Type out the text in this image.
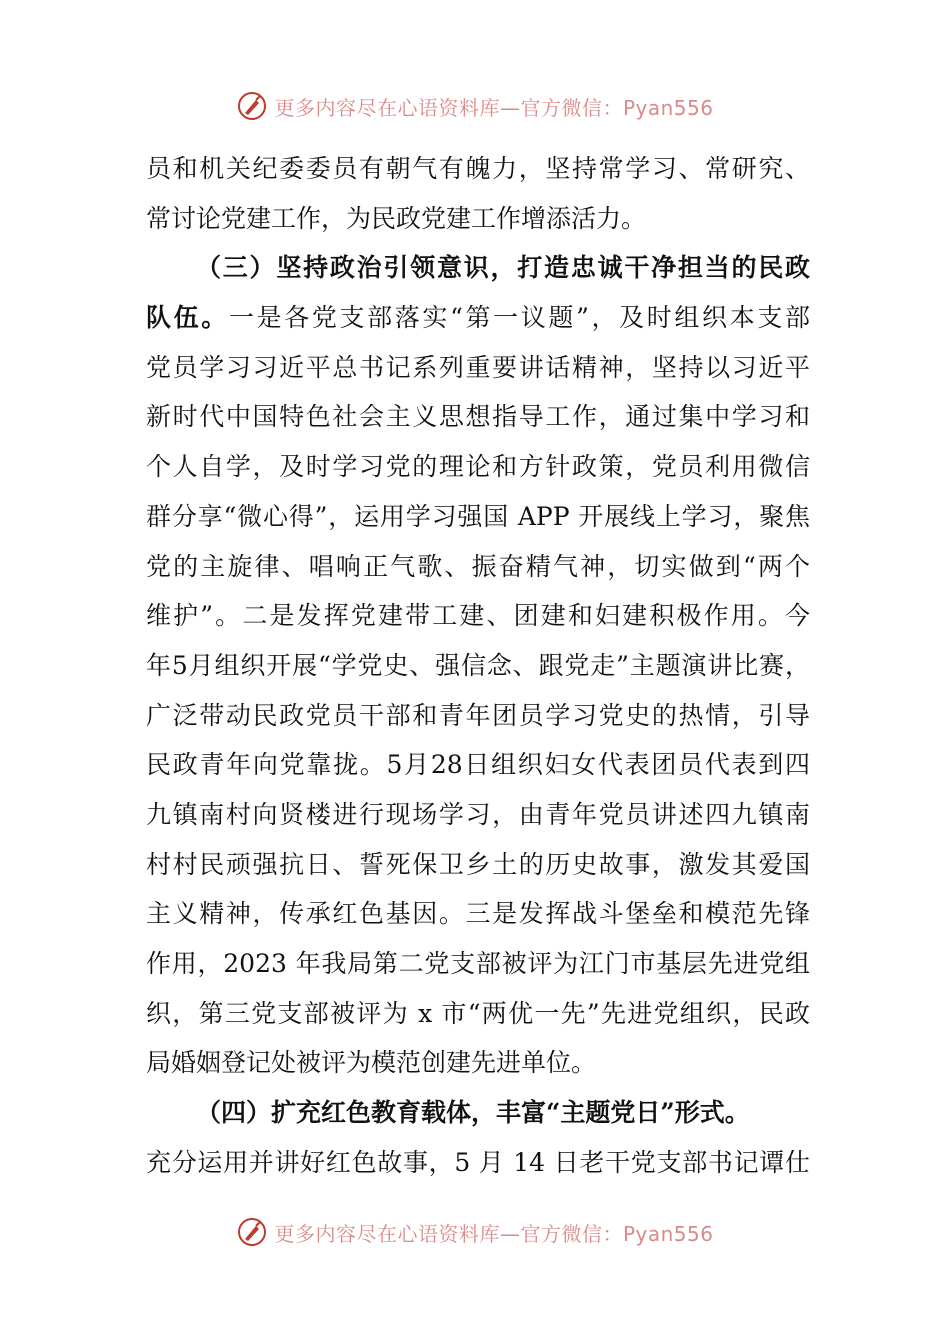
更多内容尽在心语资料库—官方微信：Pyan556
员和机关纪委委员有朝气有魄力，坚持常学习、常研究、
常讨论党建工作，为民政党建工作增添活力。
（三）坚持政治引领意识，打造忠诚干净担当的民政
队伍。一是各党支部落实“第一议题”，及时组织本支部
党员学习习近平总书记系列重要讲话精神，坚持以习近平
新时代中国特色社会主义思想指导工作，通过集中学习和
个人自学，及时学习党的理论和方针政策，党员利用微信
群分享“微心得”，运用学习强国 APP 开展线上学习，聚焦
党的主旋律、唱响正气歌、振奋精气神，切实做到“两个
维护”。二是发挥党建带工建、团建和妇建积极作用。今
年5月组织开展“学党史、强信念、跟党走”主题演讲比赛，
广泛带动民政党员干部和青年团员学习党史的热情，引导
民政青年向党靠拢。5月28日组织妇女代表团员代表到四
九镇南村向贤楼进行现场学习，由青年党员讲述四九镇南
村村民顽强抗日、誓死保卫乡土的历史故事，激发其爱国
主义精神，传承红色基因。三是发挥战斗堡垒和模范先锋
作用，2023 年我局第二党支部被评为江门市基层先进党组
织，第三党支部被评为 x 市“两优一先”先进党组织，民政
局婚姻登记处被评为模范创建先进单位。
（四）扩充红色教育载体，丰富“主题党日”形式。
充分运用并讲好红色故事，5 月 14 日老干党支部书记谭仕
更多内容尽在心语资料库—官方微信：Pyan556
